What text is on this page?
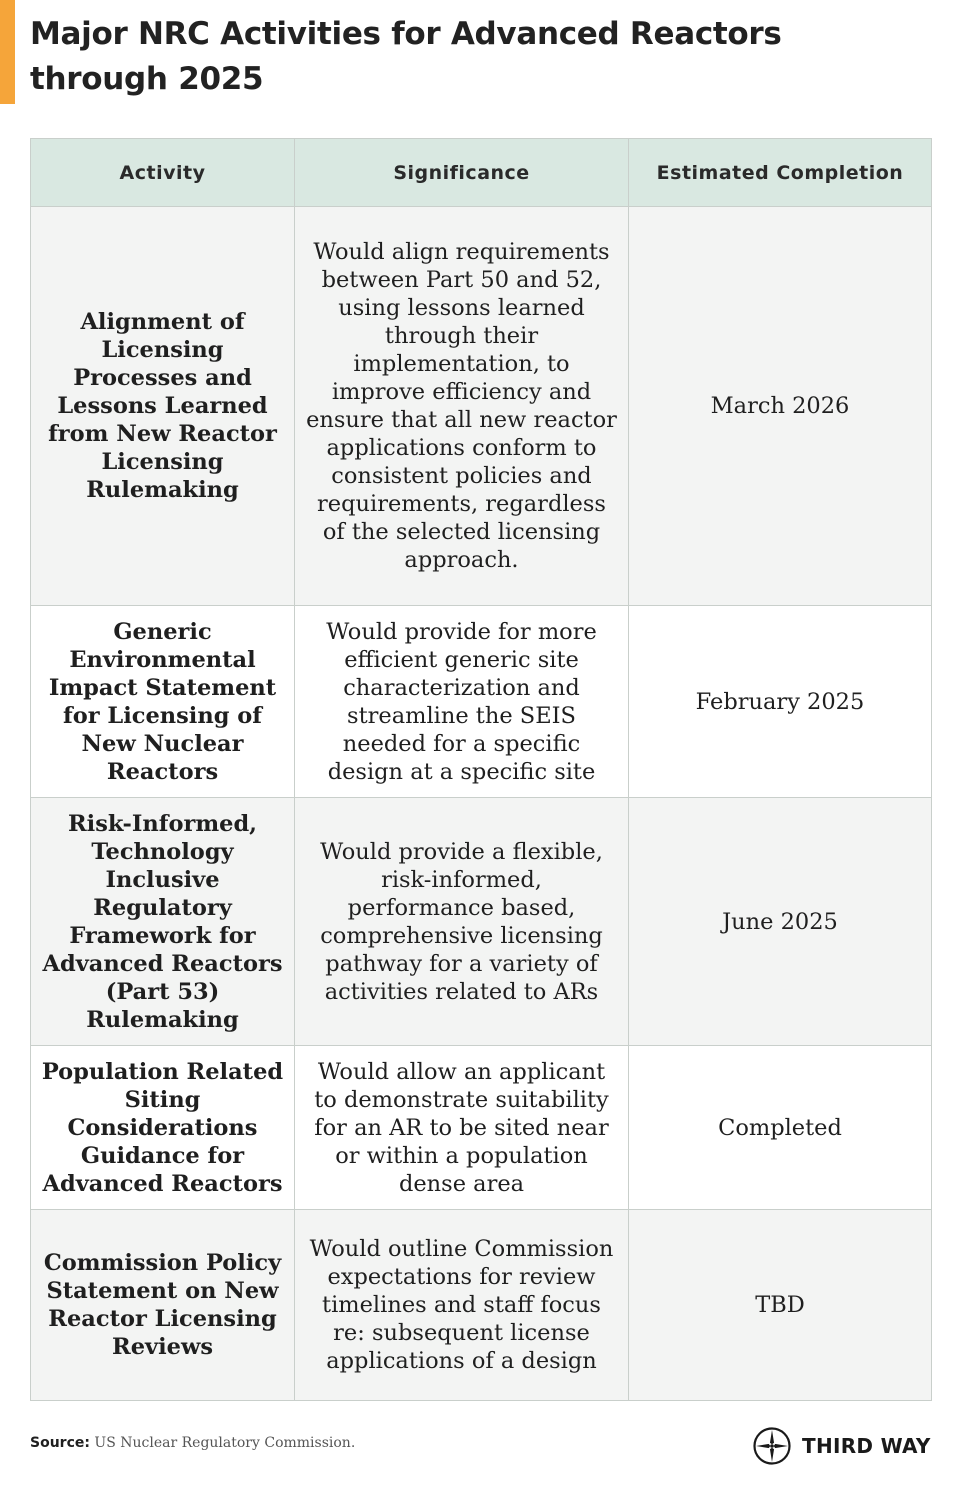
Major NRC Activities for Advanced Reactors through 2025
Activity	Significance	Estimated Completion
Alignment of Licensing Processes and Lessons Learned from New Reactor Licensing Rulemaking	Would align requirements between Part 50 and 52, using lessons learned through their implementation, to improve efficiency and ensure that all new reactor applications conform to consistent policies and requirements, regardless of the selected licensing approach.	March 2026
Generic Environmental Impact Statement for Licensing of New Nuclear Reactors	Would provide for more efficient generic site characterization and streamline the SEIS needed for a specific design at a specific site	February 2025
Risk-Informed, Technology Inclusive Regulatory Framework for Advanced Reactors (Part 53) Rulemaking	Would provide a flexible, risk-informed, performance based, comprehensive licensing pathway for a variety of activities related to ARs	June 2025
Population Related Siting Considerations Guidance for Advanced Reactors	Would allow an applicant to demonstrate suitability for an AR to be sited near or within a population dense area	Completed
Commission Policy Statement on New Reactor Licensing Reviews	Would outline Commission expectations for review timelines and staff focus re: subsequent license applications of a design	TBD
Source: US Nuclear Regulatory Commission.	THIRD WAY
